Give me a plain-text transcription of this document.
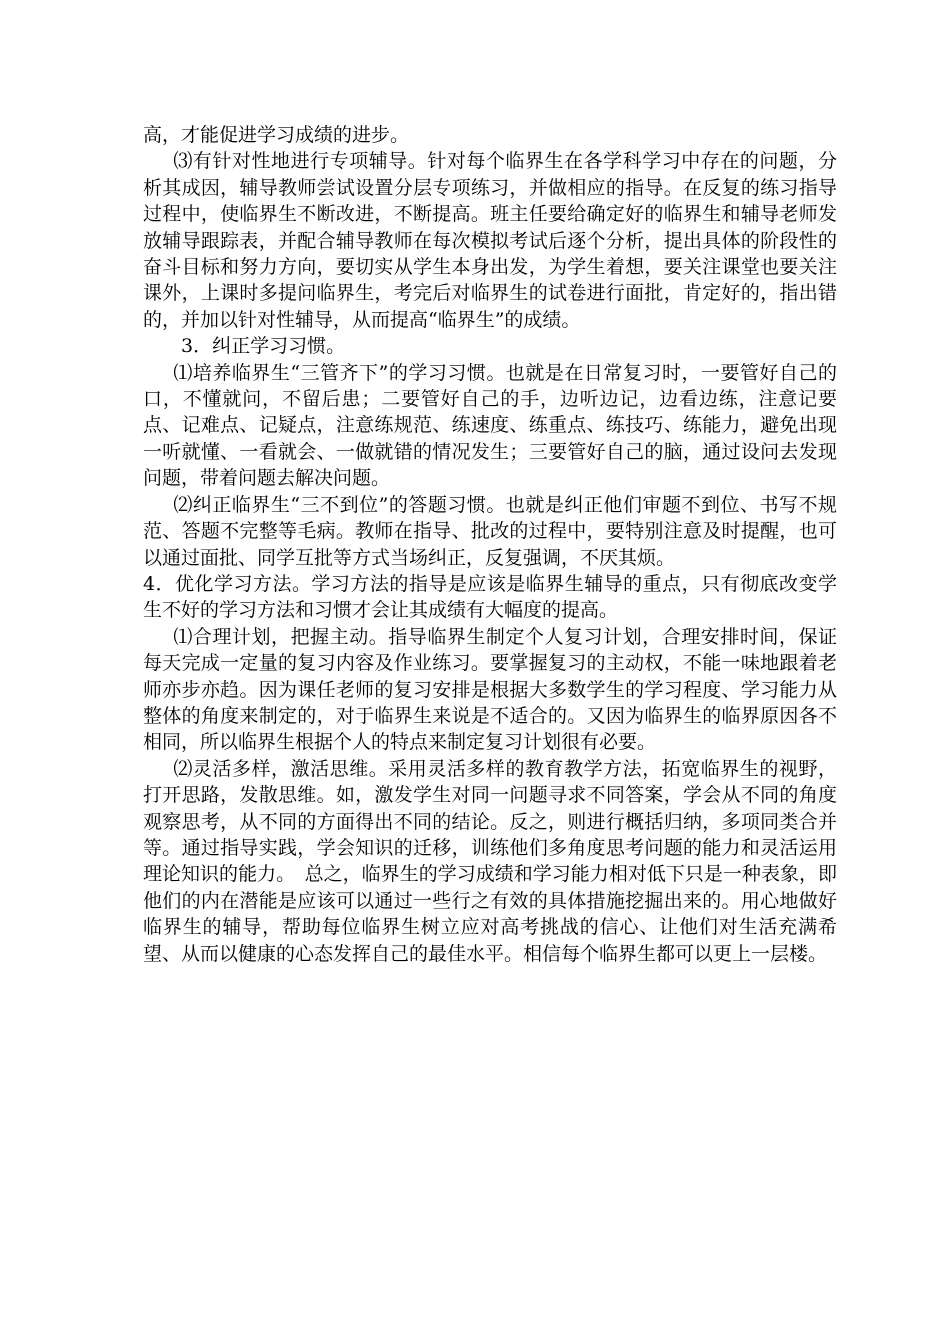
高，才能促进学习成绩的进步。

⑶有针对性地进行专项辅导。针对每个临界生在各学科学习中存在的问题，分析其成因，辅导教师尝试设置分层专项练习，并做相应的指导。在反复的练习指导过程中，使临界生不断改进，不断提高。班主任要给确定好的临界生和辅导老师发放辅导跟踪表，并配合辅导教师在每次模拟考试后逐个分析，提出具体的阶段性的奋斗目标和努力方向，要切实从学生本身出发，为学生着想，要关注课堂也要关注课外，上课时多提问临界生，考完后对临界生的试卷进行面批，肯定好的，指出错的，并加以针对性辅导，从而提高“临界生”的成绩。

3．纠正学习习惯。

⑴培养临界生“三管齐下”的学习习惯。也就是在日常复习时，一要管好自己的口，不懂就问，不留后患；二要管好自己的手，边听边记，边看边练，注意记要点、记难点、记疑点，注意练规范、练速度、练重点、练技巧、练能力，避免出现一听就懂、一看就会、一做就错的情况发生；三要管好自己的脑，通过设问去发现问题，带着问题去解决问题。

⑵纠正临界生“三不到位”的答题习惯。也就是纠正他们审题不到位、书写不规范、答题不完整等毛病。教师在指导、批改的过程中，要特别注意及时提醒，也可以通过面批、同学互批等方式当场纠正，反复强调，不厌其烦。

4．优化学习方法。学习方法的指导是应该是临界生辅导的重点，只有彻底改变学生不好的学习方法和习惯才会让其成绩有大幅度的提高。

⑴合理计划，把握主动。指导临界生制定个人复习计划，合理安排时间，保证每天完成一定量的复习内容及作业练习。要掌握复习的主动权，不能一味地跟着老师亦步亦趋。因为课任老师的复习安排是根据大多数学生的学习程度、学习能力从整体的角度来制定的，对于临界生来说是不适合的。又因为临界生的临界原因各不相同，所以临界生根据个人的特点来制定复习计划很有必要。

⑵灵活多样，激活思维。采用灵活多样的教育教学方法，拓宽临界生的视野，打开思路，发散思维。如，激发学生对同一问题寻求不同答案，学会从不同的角度观察思考，从不同的方面得出不同的结论。反之，则进行概括归纳，多项同类合并等。通过指导实践，学会知识的迁移，训练他们多角度思考问题的能力和灵活运用理论知识的能力。　总之，临界生的学习成绩和学习能力相对低下只是一种表象，即他们的内在潜能是应该可以通过一些行之有效的具体措施挖掘出来的。用心地做好临界生的辅导，帮助每位临界生树立应对高考挑战的信心、让他们对生活充满希望、从而以健康的心态发挥自己的最佳水平。相信每个临界生都可以更上一层楼。
